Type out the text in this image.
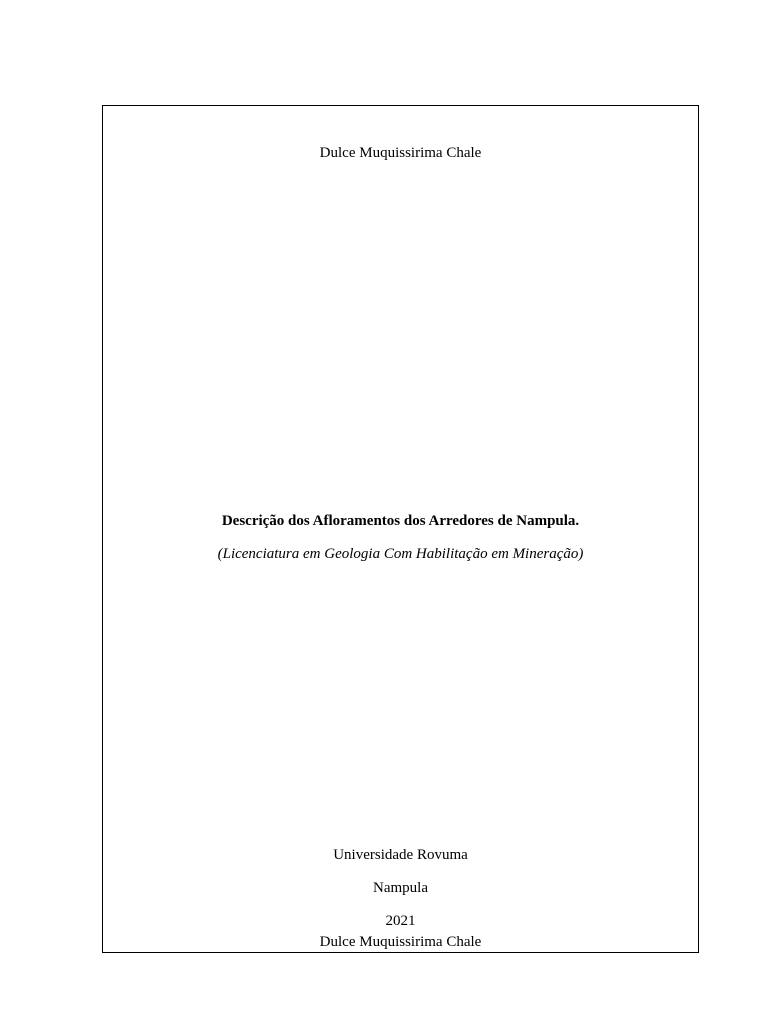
Dulce Muquissirima Chale
Descrição dos Afloramentos dos Arredores de Nampula.
(Licenciatura em Geologia Com Habilitação em Mineração)
Universidade Rovuma
Nampula
2021
Dulce Muquissirima Chale
